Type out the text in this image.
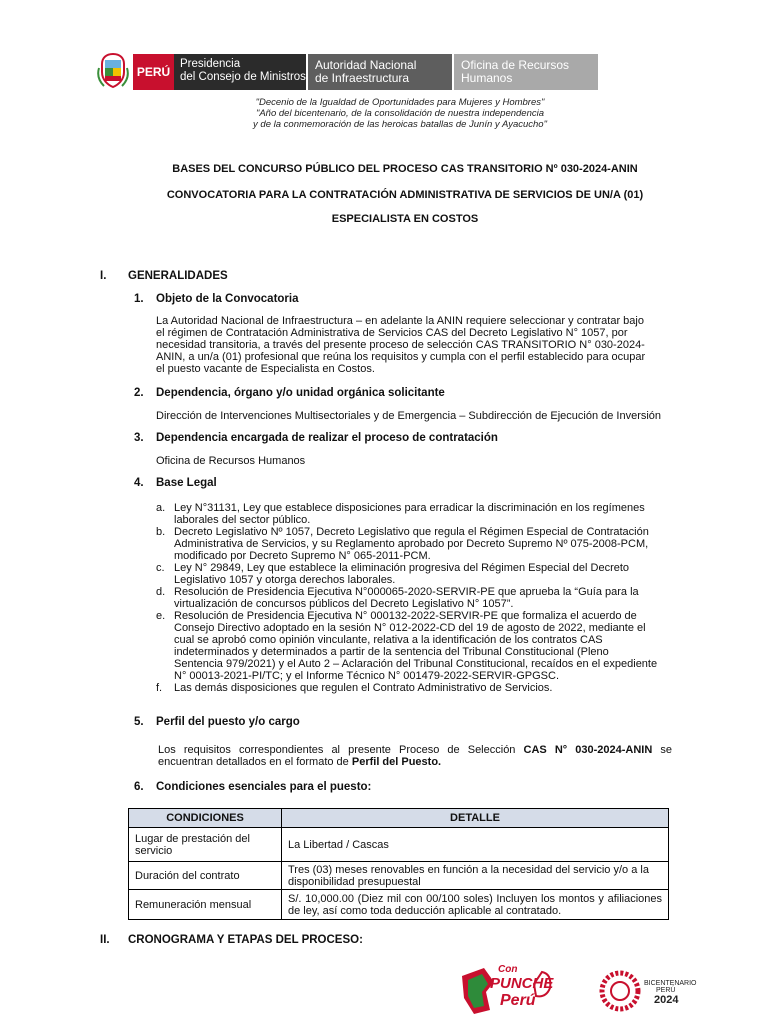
PERÚ
Presidencia
del Consejo de Ministros
Autoridad Nacional
de Infraestructura
Oficina de Recursos
Humanos
"Decenio de la Igualdad de Oportunidades para Mujeres y Hombres"
"Año del bicentenario, de la consolidación de nuestra independencia
y de la conmemoración de las heroicas batallas de Junín y Ayacucho"
BASES DEL CONCURSO PÚBLICO DEL PROCESO CAS TRANSITORIO Nº 030-2024-ANIN
CONVOCATORIA PARA LA CONTRATACIÓN ADMINISTRATIVA DE SERVICIOS DE UN/A (01)
ESPECIALISTA EN COSTOS
I. GENERALIDADES
1. Objeto de la Convocatoria
La Autoridad Nacional de Infraestructura – en adelante la ANIN requiere seleccionar y contratar bajo
el régimen de Contratación Administrativa de Servicios CAS del Decreto Legislativo N° 1057, por
necesidad transitoria, a través del presente proceso de selección CAS TRANSITORIO N° 030-2024-
ANIN, a un/a (01) profesional que reúna los requisitos y cumpla con el perfil establecido para ocupar
el puesto vacante de Especialista en Costos.
2. Dependencia, órgano y/o unidad orgánica solicitante
Dirección de Intervenciones Multisectoriales y de Emergencia – Subdirección de Ejecución de Inversión
3. Dependencia encargada de realizar el proceso de contratación
Oficina de Recursos Humanos
4. Base Legal
a. Ley N°31131, Ley que establece disposiciones para erradicar la discriminación en los regímenes
laborales del sector público.
b. Decreto Legislativo Nº 1057, Decreto Legislativo que regula el Régimen Especial de Contratación
Administrativa de Servicios, y su Reglamento aprobado por Decreto Supremo Nº 075-2008-PCM,
modificado por Decreto Supremo N° 065-2011-PCM.
c. Ley N° 29849, Ley que establece la eliminación progresiva del Régimen Especial del Decreto
Legislativo 1057 y otorga derechos laborales.
d. Resolución de Presidencia Ejecutiva N°000065-2020-SERVIR-PE que aprueba la “Guía para la
virtualización de concursos públicos del Decreto Legislativo N° 1057”.
e. Resolución de Presidencia Ejecutiva N° 000132-2022-SERVIR-PE que formaliza el acuerdo de
Consejo Directivo adoptado en la sesión N° 012-2022-CD del 19 de agosto de 2022, mediante el
cual se aprobó como opinión vinculante, relativa a la identificación de los contratos CAS
indeterminados y determinados a partir de la sentencia del Tribunal Constitucional (Pleno
Sentencia 979/2021) y el Auto 2 – Aclaración del Tribunal Constitucional, recaídos en el expediente
N° 00013-2021-PI/TC; y el Informe Técnico N° 001479-2022-SERVIR-GPGSC.
f. Las demás disposiciones que regulen el Contrato Administrativo de Servicios.
5. Perfil del puesto y/o cargo
Los requisitos correspondientes al presente Proceso de Selección CAS N° 030-2024-ANIN se
encuentran detallados en el formato de Perfil del Puesto.
6. Condiciones esenciales para el puesto:
CONDICIONES	DETALLE
Lugar de prestación del servicio	La Libertad / Cascas
Duración del contrato	Tres (03) meses renovables en función a la necesidad del servicio y/o a la disponibilidad presupuestal
Remuneración mensual	S/. 10,000.00 (Diez mil con 00/100 soles) Incluyen los montos y afiliaciones de ley, así como toda deducción aplicable al contratado.
II. CRONOGRAMA Y ETAPAS DEL PROCESO:
Con
PUNCHE
Perú
BICENTENARIO
PERÚ
2024
